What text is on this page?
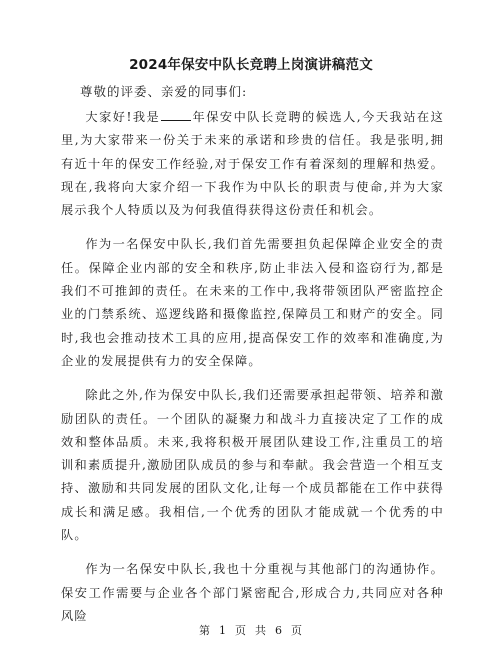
2024年保安中队长竞聘上岗演讲稿范文
尊敬的评委、亲爱的同事们:

大家好!我是	年保安中队长竞聘的候选人,今天我站在这里,为大家带来一份关于未来的承诺和珍贵的信任。我是张明,拥有近十年的保安工作经验,对于保安工作有着深刻的理解和热爱。现在,我将向大家介绍一下我作为中队长的职责与使命,并为大家展示我个人特质以及为何我值得获得这份责任和机会。

作为一名保安中队长,我们首先需要担负起保障企业安全的责任。保障企业内部的安全和秩序,防止非法入侵和盗窃行为,都是我们不可推卸的责任。在未来的工作中,我将带领团队严密监控企业的门禁系统、巡逻线路和摄像监控,保障员工和财产的安全。同时,我也会推动技术工具的应用,提高保安工作的效率和准确度,为企业的发展提供有力的安全保障。

除此之外,作为保安中队长,我们还需要承担起带领、培养和激励团队的责任。一个团队的凝聚力和战斗力直接决定了工作的成效和整体品质。未来,我将积极开展团队建设工作,注重员工的培训和素质提升,激励团队成员的参与和奉献。我会营造一个相互支持、激励和共同发展的团队文化,让每一个成员都能在工作中获得成长和满足感。我相信,一个优秀的团队才能成就一个优秀的中队。

作为一名保安中队长,我也十分重视与其他部门的沟通协作。保安工作需要与企业各个部门紧密配合,形成合力,共同应对各种风险

第 1 页 共 6 页
